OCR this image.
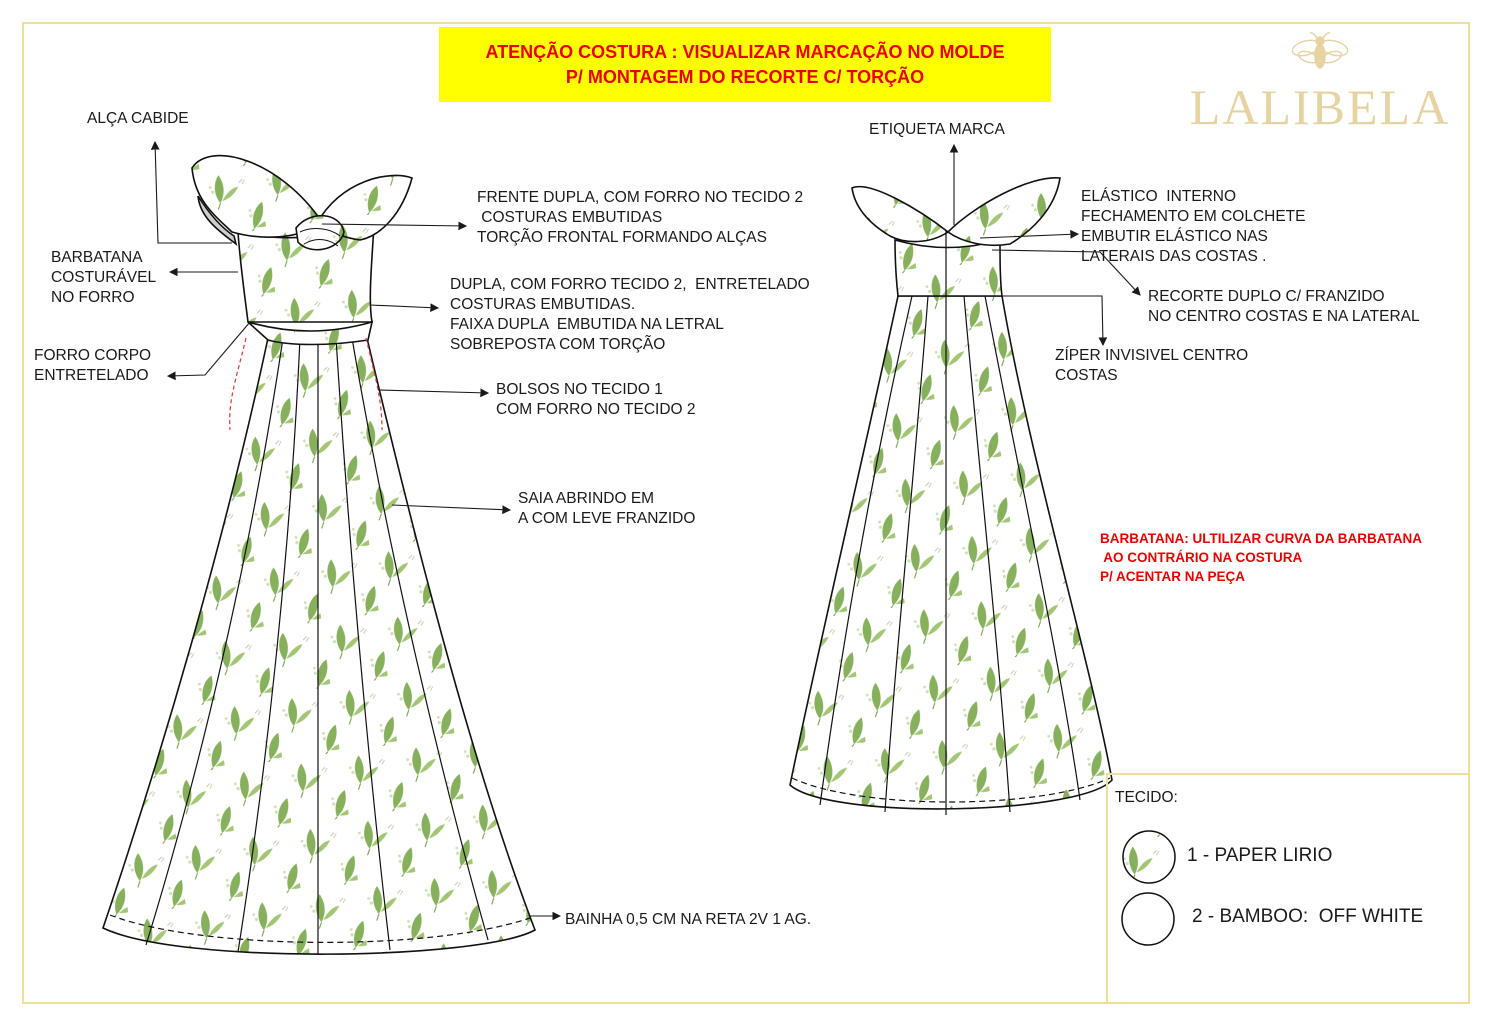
ATENÇÃO COSTURA : VISUALIZAR MARCAÇÃO NO MOLDE
P/ MONTAGEM DO RECORTE C/ TORÇÃO
LALIBELA
ALÇA CABIDE
BARBATANA
COSTURÁVEL
NO FORRO
FORRO CORPO
ENTRETELADO
FRENTE DUPLA, COM FORRO NO TECIDO 2
COSTURAS EMBUTIDAS
TORÇÃO FRONTAL FORMANDO ALÇAS
DUPLA, COM FORRO TECIDO 2,  ENTRETELADO
COSTURAS EMBUTIDAS.
FAIXA DUPLA  EMBUTIDA NA LETRAL
SOBREPOSTA COM TORÇÃO
BOLSOS NO TECIDO 1
COM FORRO NO TECIDO 2
SAIA ABRINDO EM
A COM LEVE FRANZIDO
BAINHA 0,5 CM NA RETA 2V 1 AG.
ETIQUETA MARCA
ELÁSTICO  INTERNO
FECHAMENTO EM COLCHETE
EMBUTIR ELÁSTICO NAS
LATERAIS DAS COSTAS .
RECORTE DUPLO C/ FRANZIDO
NO CENTRO COSTAS E NA LATERAL
ZÍPER INVISIVEL CENTRO
COSTAS
BARBATANA: ULTILIZAR CURVA DA BARBATANA
AO CONTRÁRIO NA COSTURA
P/ ACENTAR NA PEÇA
TECIDO:
1 - PAPER LIRIO
2 - BAMBOO:  OFF WHITE
